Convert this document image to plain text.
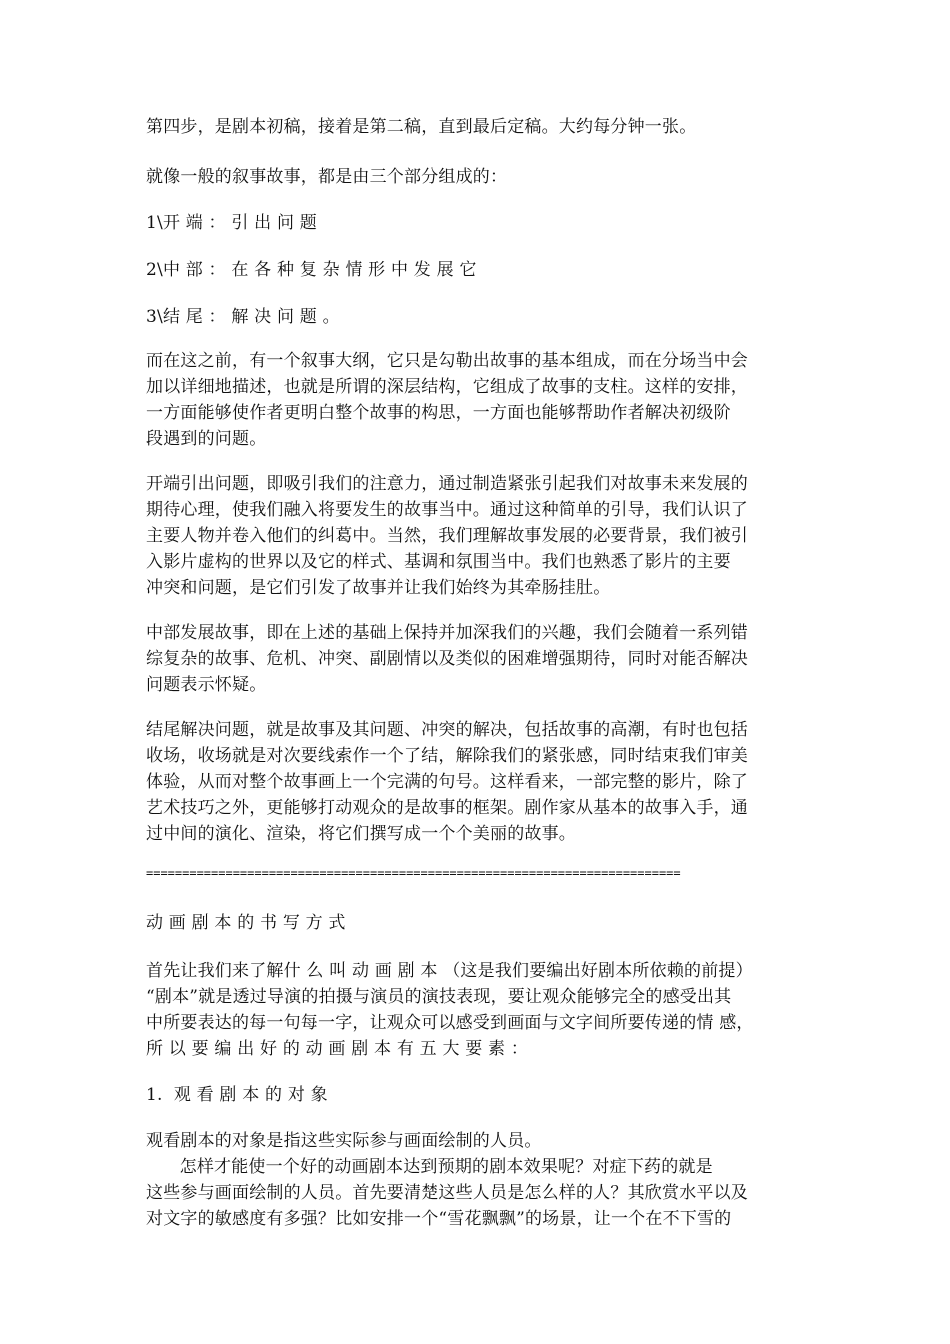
第四步，是剧本初稿，接着是第二稿，直到最后定稿。大约每分钟一张。

就像一般的叙事故事，都是由三个部分组成的：

1\开 端 ： 引 出 问 题

2\中 部 ： 在 各 种 复 杂 情 形 中 发 展 它

3\结 尾 ： 解 决 问 题 。

而在这之前，有一个叙事大纲，它只是勾勒出故事的基本组成，而在分场当中会

加以详细地描述，也就是所谓的深层结构，它组成了故事的支柱。这样的安排，

一方面能够使作者更明白整个故事的构思，一方面也能够帮助作者解决初级阶

段遇到的问题。

开端引出问题，即吸引我们的注意力，通过制造紧张引起我们对故事未来发展的

期待心理，使我们融入将要发生的故事当中。通过这种简单的引导，我们认识了

主要人物并卷入他们的纠葛中。当然，我们理解故事发展的必要背景，我们被引

入影片虚构的世界以及它的样式、基调和氛围当中。我们也熟悉了影片的主要

冲突和问题，是它们引发了故事并让我们始终为其牵肠挂肚。

中部发展故事，即在上述的基础上保持并加深我们的兴趣，我们会随着一系列错

综复杂的故事、危机、冲突、副剧情以及类似的困难增强期待，同时对能否解决

问题表示怀疑。

结尾解决问题，就是故事及其问题、冲突的解决，包括故事的高潮，有时也包括

收场，收场就是对次要线索作一个了结，解除我们的紧张感，同时结束我们审美

体验，从而对整个故事画上一个完满的句号。这样看来，一部完整的影片，除了

艺术技巧之外，更能够打动观众的是故事的框架。剧作家从基本的故事入手，通

过中间的演化、渲染，将它们撰写成一个个美丽的故事。

==========================================================================

动 画 剧 本 的 书 写 方 式

首先让我们来了解什 么 叫 动 画 剧 本 （这是我们要编出好剧本所依赖的前提）

“剧本”就是透过导演的拍摄与演员的演技表现，要让观众能够完全的感受出其

中所要表达的每一句每一字，让观众可以感受到画面与文字间所要传递的情 感，

所 以 要 编 出 好 的 动 画 剧 本 有 五 大 要 素 ：

1.  观 看 剧 本 的 对 象

观看剧本的对象是指这些实际参与画面绘制的人员。

怎样才能使一个好的动画剧本达到预期的剧本效果呢？对症下药的就是

这些参与画面绘制的人员。首先要清楚这些人员是怎么样的人？其欣赏水平以及

对文字的敏感度有多强？比如安排一个“雪花飘飘”的场景，让一个在不下雪的
